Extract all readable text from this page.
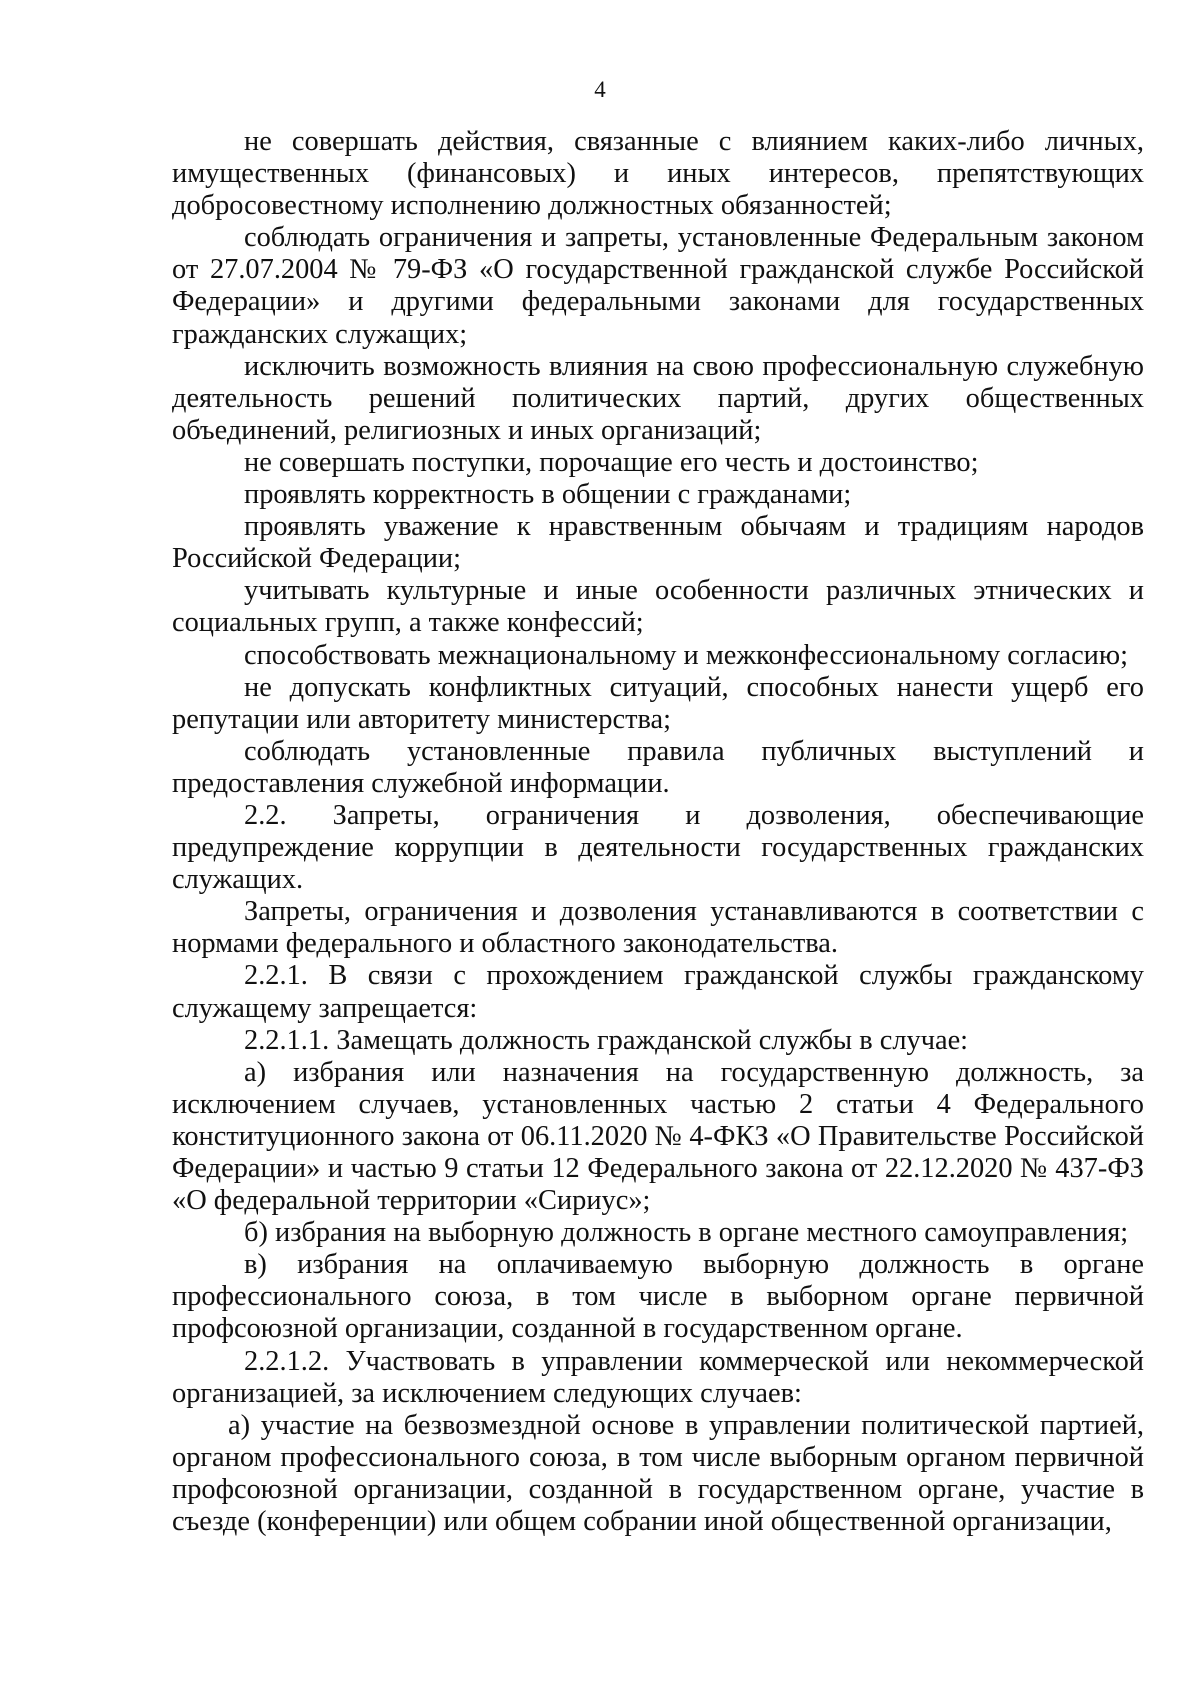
4

не совершать действия, связанные с влиянием каких-либо личных, имущественных (финансовых) и иных интересов, препятствующих добросовестному исполнению должностных обязанностей;

соблюдать ограничения и запреты, установленные Федеральным законом от 27.07.2004 № 79-ФЗ «О государственной гражданской службе Российской Федерации» и другими федеральными законами для государственных гражданских служащих;

исключить возможность влияния на свою профессиональную служебную деятельность решений политических партий, других общественных объединений, религиозных и иных организаций;

не совершать поступки, порочащие его честь и достоинство;

проявлять корректность в общении с гражданами;

проявлять уважение к нравственным обычаям и традициям народов Российской Федерации;

учитывать культурные и иные особенности различных этнических и социальных групп, а также конфессий;

способствовать межнациональному и межконфессиональному согласию;

не допускать конфликтных ситуаций, способных нанести ущерб его репутации или авторитету министерства;

соблюдать установленные правила публичных выступлений и предоставления служебной информации.

2.2. Запреты, ограничения и дозволения, обеспечивающие предупреждение коррупции в деятельности государственных гражданских служащих.

Запреты, ограничения и дозволения устанавливаются в соответствии с нормами федерального и областного законодательства.

2.2.1. В связи с прохождением гражданской службы гражданскому служащему запрещается:

2.2.1.1. Замещать должность гражданской службы в случае:

а) избрания или назначения на государственную должность, за исключением случаев, установленных частью 2 статьи 4 Федерального конституционного закона от 06.11.2020 № 4-ФКЗ «О Правительстве Российской Федерации» и частью 9 статьи 12 Федерального закона от 22.12.2020 № 437-ФЗ «О федеральной территории «Сириус»;

б) избрания на выборную должность в органе местного самоуправления;

в) избрания на оплачиваемую выборную должность в органе профессионального союза, в том числе в выборном органе первичной профсоюзной организации, созданной в государственном органе.

2.2.1.2. Участвовать в управлении коммерческой или некоммерческой организацией, за исключением следующих случаев:

а) участие на безвозмездной основе в управлении политической партией, органом профессионального союза, в том числе выборным органом первичной профсоюзной организации, созданной в государственном органе, участие в съезде (конференции) или общем собрании иной общественной организации,
